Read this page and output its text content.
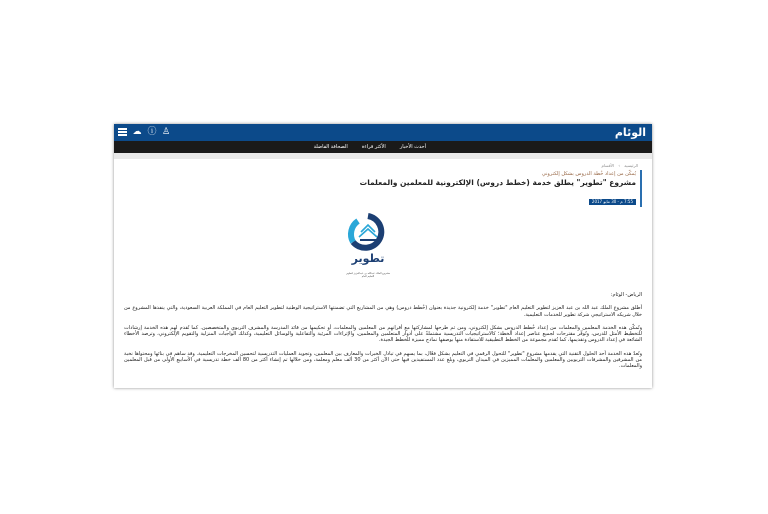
☁ ⓘ ♙	الوئام
أحدث الأخبار
الأكثر قراءة
الصحافة الفاضلة
الرئيسية › الأقسام
يُمكّن من إعداد خُطة الدروس بشكل إلكتروني
مشروع "تطوير" يطلق خدمة (خطط دروس) الإلكترونية للمعلمين والمعلمات
7:55 م - 30 مايو 2017
تطوير
مشروع الملك عبدالله بن عبدالعزيز لتطوير التعليم العام

الرياض- الوئام:

أطلق مشروع الملك عبد الله بن عبد العزيز لتطوير التعليم العام "تطوير" خدمة إلكترونية جديدة بعنوان (خُطط دروس) وهي من المشاريع التي تضمنتها الاستراتيجية الوطنية لتطوير التعليم العام في المملكة العربية السعودية، والتي ينفذها المشروع من خلال شريكه الاستراتيجي شركة تطوير للخدمات التعليمية.

وتُمكّن هذه الخدمة المعلمين والمعلمات من إعداد خُطط الدروس بشكل إلكتروني، ومن ثم طرحها لمشاركتها مع أقرانهم من المعلمين والمعلمات، أو تحكيمها من قائد المدرسة والمشرف التربوي والمتخصصين. كما تُقدم لهم هذه الخدمة إرشادات للتخطيط الأمثل للدرس، وتُوفّر مقترحات لجميع عناصر إعداد الخطة؛ كالاستراتيجيات التدريسية مشتملةً على أدوار المتعلمين والمعلمين، والإثراءات المرئية والتفاعلية والوسائل التعليمية، وكذلك الواجبات المنزلية والتقويم الإلكتروني، وترصد الأخطاء الشائعة في إعداد الدروس وتقديمها، كما تُقدم مجموعة من الخطط التطبيقية للاستفادة منها بوصفها نماذج مميزة للخطط الجيدة.

وتُعدّ هذه الخدمة أحد الحلول التقنية التي يقدمها مشروع "تطوير" للتحول الرقمي في التعليم بشكل فعّال، بما يسهم في تبادل الخبرات والمعارف بين المعلمين، وتجويد العمليات التدريسية لتحسين المخرجات التعليمية. وقد ساهم في بنائها ومحتواها نخبة من المشرفين والمشرفات التربويين والمعلمين والمعلمات المميزين في الميدان التربوي، وبلغ عدد المستفيدين فيها حتى الآن أكثر من 30 ألف معلم ومعلمة، ومن خلالها تم إنشاء أكثر من 80 ألف خطة تدريسية في الأسابيع الأولى من قبل المعلمين والمعلمات.
